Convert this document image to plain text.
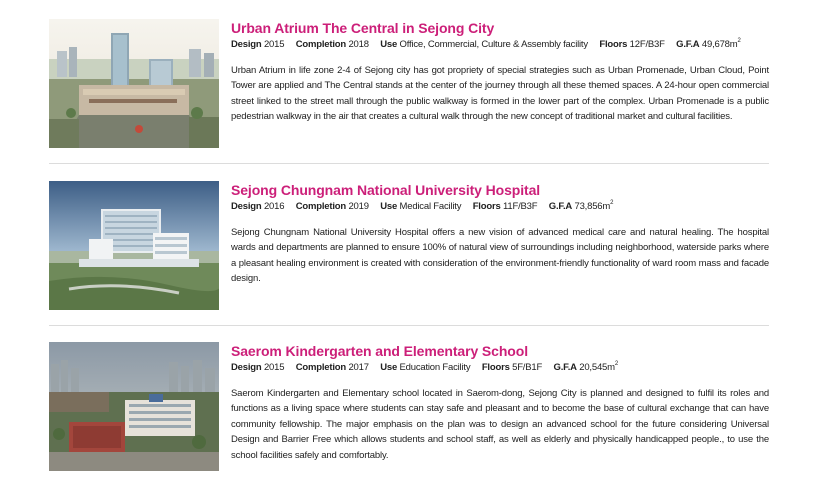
Urban Atrium The Central in Sejong City
Design 2015 Completion 2018 Use Office, Commercial, Culture & Assembly facility Floors 12F/B3F G.F.A $49,678m^2$
Urban Atrium in life zone 2-4 of Sejong city has got propriety of special strategies such as Urban Promenade, Urban Cloud, Point Tower are applied and The Central stands at the center of the journey through all these themed spaces. A 24-hour open commercial street linked to the street mall through the public walkway is formed in the lower part of the complex. Urban Promenade is a public pedestrian walkway in the air that creates a cultural walk through the new concept of traditional market and cultural facilities.
Sejong Chungnam National University Hospital
Design 2016 Completion 2019 Use Medical Facility Floors 11F/B3F G.F.A $73,856m^2$
Sejong Chungnam National University Hospital offers a new vision of advanced medical care and natural healing. The hospital wards and departments are planned to ensure 100% of natural view of surroundings including neighborhood, waterside parks where a pleasant healing environment is created with consideration of the environment-friendly functionality of ward room mass and facade design.
Saerom Kindergarten and Elementary School
Design 2015 Completion 2017 Use Education Facility Floors 5F/B1F G.F.A $20,545m^2$
Saerom Kindergarten and Elementary school located in Saerom-dong, Sejong City is planned and designed to fulfil its roles and functions as a living space where students can stay safe and pleasant and to become the base of cultural exchange that can have community fellowship. The major emphasis on the plan was to design an advanced school for the future considering Universal Design and Barrier Free which allows students and school staff, as well as elderly and physically handicapped people., to use the school facilities safely and comfortably.
